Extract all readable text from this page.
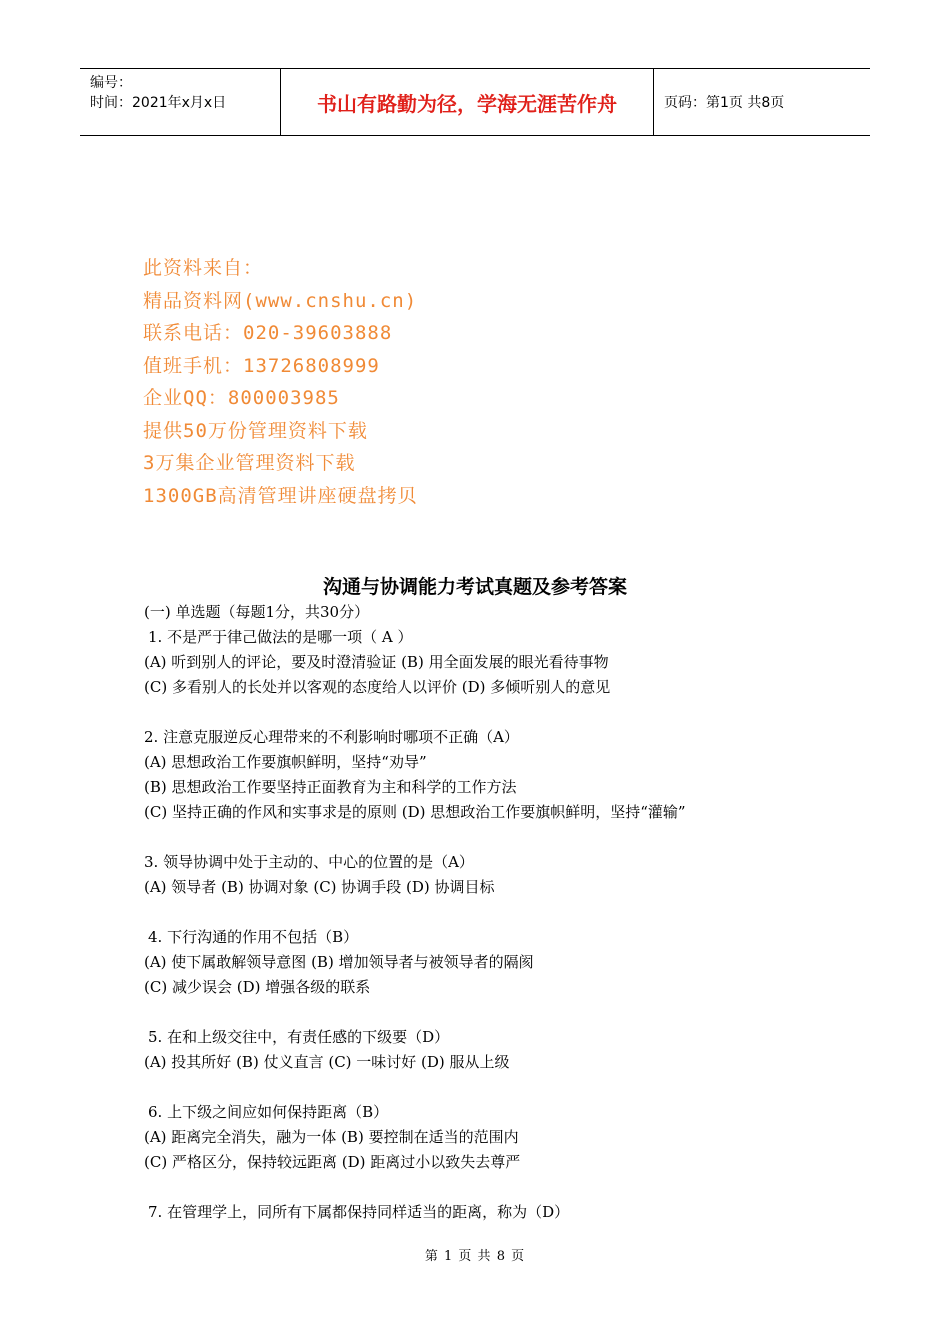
编号：
时间：2021年x月x日	书山有路勤为径，学海无涯苦作舟	页码：第1页 共8页
此资料来自：
精品资料网(www.cnshu.cn)
联系电话：020-39603888
值班手机：13726808999
企业QQ：800003985
提供50万份管理资料下载
3万集企业管理资料下载
1300GB高清管理讲座硬盘拷贝
沟通与协调能力考试真题及参考答案
(一) 单选题（每题1分，共30分）
1. 不是严于律己做法的是哪一项（ A ）
(A) 听到别人的评论，要及时澄清验证 (B) 用全面发展的眼光看待事物
(C) 多看别人的长处并以客观的态度给人以评价 (D) 多倾听别人的意见
2. 注意克服逆反心理带来的不利影响时哪项不正确（A）
(A) 思想政治工作要旗帜鲜明，坚持“劝导”
(B) 思想政治工作要坚持正面教育为主和科学的工作方法
(C) 坚持正确的作风和实事求是的原则 (D) 思想政治工作要旗帜鲜明，坚持“灌输”
3. 领导协调中处于主动的、中心的位置的是（A）
(A) 领导者 (B) 协调对象 (C) 协调手段 (D) 协调目标
4. 下行沟通的作用不包括（B）
(A) 使下属敢解领导意图 (B) 增加领导者与被领导者的隔阂
(C) 减少误会 (D) 增强各级的联系
5. 在和上级交往中，有责任感的下级要（D）
(A) 投其所好 (B) 仗义直言 (C) 一味讨好 (D) 服从上级
6. 上下级之间应如何保持距离（B）
(A) 距离完全消失，融为一体 (B) 要控制在适当的范围内
(C) 严格区分，保持较远距离 (D) 距离过小以致失去尊严
7. 在管理学上，同所有下属都保持同样适当的距离，称为（D）
第 1 页 共 8 页
